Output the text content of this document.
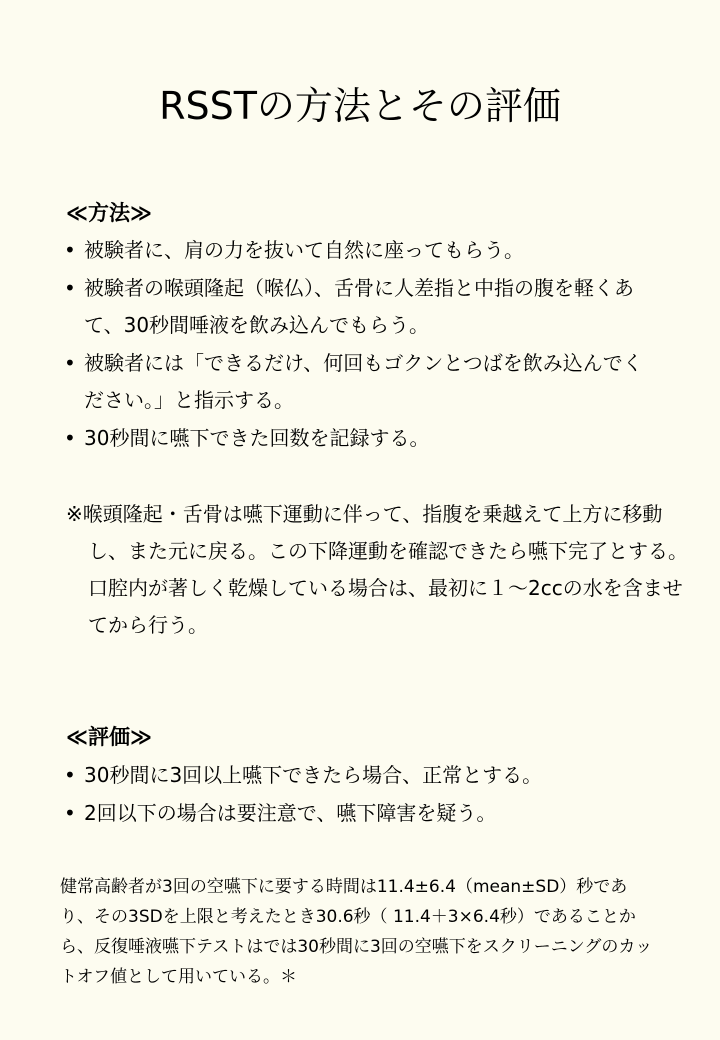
RSSTの方法とその評価
≪方法≫
• 被験者に、肩の力を抜いて自然に座ってもらう。
• 被験者の喉頭隆起（喉仏）、舌骨に人差指と中指の腹を軽くあて、30秒間唾液を飲み込んでもらう。
• 被験者には「できるだけ、何回もゴクンとつばを飲み込んでください。」と指示する。
• 30秒間に嚥下できた回数を記録する。
※喉頭隆起・舌骨は嚥下運動に伴って、指腹を乗越えて上方に移動し、また元に戻る。この下降運動を確認できたら嚥下完了とする。口腔内が著しく乾燥している場合は、最初に１～2ccの水を含ませてから行う。
≪評価≫
• 30秒間に3回以上嚥下できたら場合、正常とする。
• 2回以下の場合は要注意で、嚥下障害を疑う。
健常高齢者が3回の空嚥下に要する時間は11.4±6.4（mean±SD）秒であり、その3SDを上限と考えたとき30.6秒（ 11.4＋3×6.4秒）であることから、反復唾液嚥下テストはでは30秒間に3回の空嚥下をスクリーニングのカットオフ値として用いている。＊
